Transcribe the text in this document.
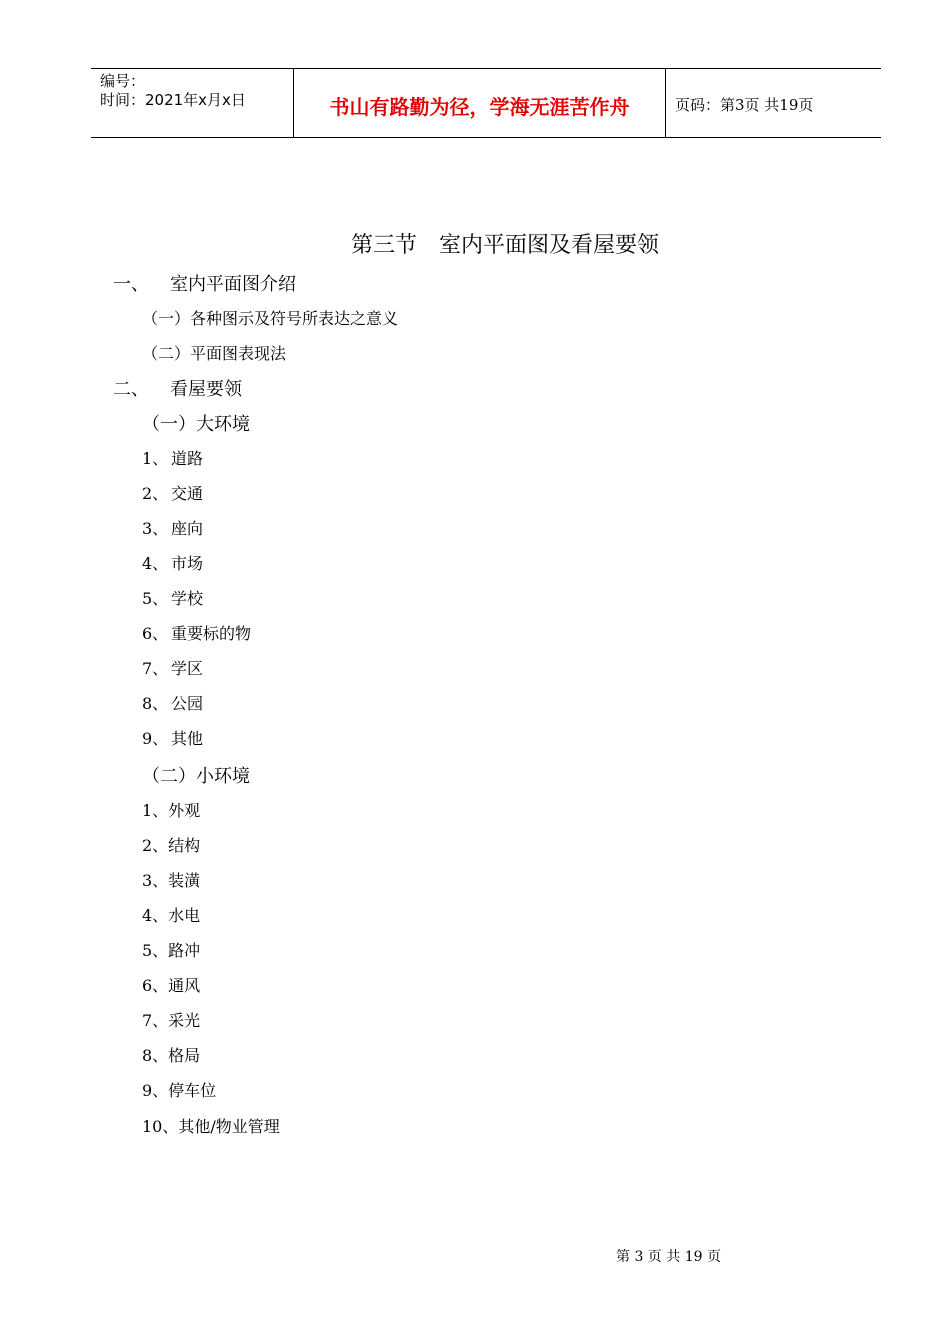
编号：
时间：2021年x月x日	书山有路勤为径，学海无涯苦作舟	页码：第3页 共19页
第三节　室内平面图及看屋要领
一、 室内平面图介绍
（一）各种图示及符号所表达之意义
（二）平面图表现法
二、 看屋要领
（一）大环境
1、 道路
2、 交通
3、 座向
4、 市场
5、 学校
6、 重要标的物
7、 学区
8、 公园
9、 其他
（二）小环境
1、外观
2、结构
3、装潢
4、水电
5、路冲
6、通风
7、采光
8、格局
9、停车位
10、其他/物业管理
第 3 页 共 19 页
